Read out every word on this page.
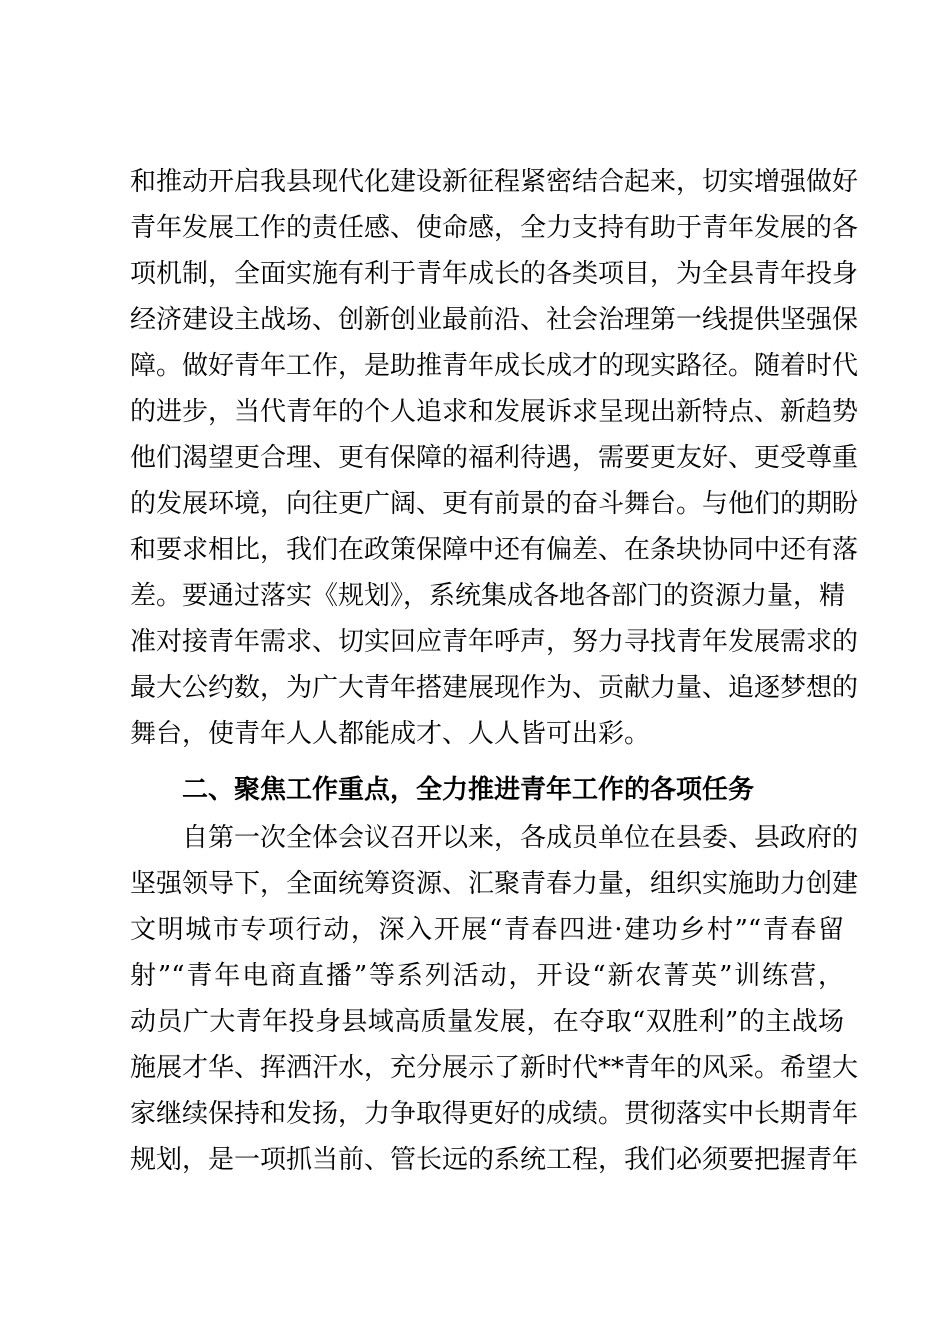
和推动开启我县现代化建设新征程紧密结合起来，切实增强做好
青年发展工作的责任感、使命感，全力支持有助于青年发展的各
项机制，全面实施有利于青年成长的各类项目，为全县青年投身
经济建设主战场、创新创业最前沿、社会治理第一线提供坚强保
障。做好青年工作，是助推青年成长成才的现实路径。随着时代
的进步，当代青年的个人追求和发展诉求呈现出新特点、新趋势
他们渴望更合理、更有保障的福利待遇，需要更友好、更受尊重
的发展环境，向往更广阔、更有前景的奋斗舞台。与他们的期盼
和要求相比，我们在政策保障中还有偏差、在条块协同中还有落
差。要通过落实《规划》，系统集成各地各部门的资源力量，精
准对接青年需求、切实回应青年呼声，努力寻找青年发展需求的
最大公约数，为广大青年搭建展现作为、贡献力量、追逐梦想的
舞台，使青年人人都能成才、人人皆可出彩。
二、聚焦工作重点，全力推进青年工作的各项任务
自第一次全体会议召开以来，各成员单位在县委、县政府的
坚强领导下，全面统筹资源、汇聚青春力量，组织实施助力创建
文明城市专项行动，深入开展“青春四进·建功乡村”“青春留
射”“青年电商直播”等系列活动，开设“新农菁英”训练营，
动员广大青年投身县域高质量发展，在夺取“双胜利”的主战场
施展才华、挥洒汗水，充分展示了新时代**青年的风采。希望大
家继续保持和发扬，力争取得更好的成绩。贯彻落实中长期青年
规划，是一项抓当前、管长远的系统工程，我们必须要把握青年
